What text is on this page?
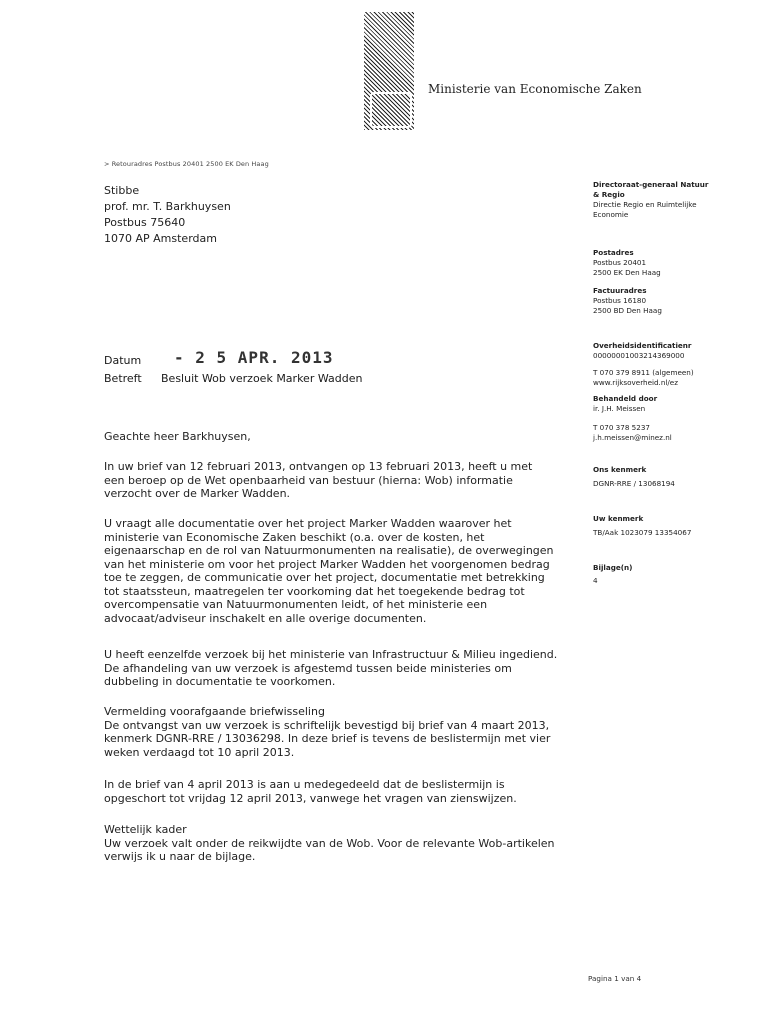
Ministerie van Economische Zaken
> Retouradres Postbus 20401 2500 EK Den Haag
Stibbe
prof. mr. T. Barkhuysen
Postbus 75640
1070 AP Amsterdam
Directoraat-generaal Natuur
& Regio
Directie Regio en Ruimtelijke
Economie
Postadres
Postbus 20401
2500 EK Den Haag
Factuuradres
Postbus 16180
2500 BD Den Haag
Overheidsidentificatienr
00000001003214369000
T 070 379 8911 (algemeen)
www.rijksoverheid.nl/ez
Behandeld door
ir. J.H. Meissen
T 070 378 5237
j.h.meissen@minez.nl
Ons kenmerk
DGNR-RRE / 13068194
Uw kenmerk
TB/Aak 1023079 13354067
Bijlage(n)
4
Datum - 2 5 APR. 2013
Betreft Besluit Wob verzoek Marker Wadden
Geachte heer Barkhuysen,
In uw brief van 12 februari 2013, ontvangen op 13 februari 2013, heeft u met
een beroep op de Wet openbaarheid van bestuur (hierna: Wob) informatie
verzocht over de Marker Wadden.
U vraagt alle documentatie over het project Marker Wadden waarover het
ministerie van Economische Zaken beschikt (o.a. over de kosten, het
eigenaarschap en de rol van Natuurmonumenten na realisatie), de overwegingen
van het ministerie om voor het project Marker Wadden het voorgenomen bedrag
toe te zeggen, de communicatie over het project, documentatie met betrekking
tot staatssteun, maatregelen ter voorkoming dat het toegekende bedrag tot
overcompensatie van Natuurmonumenten leidt, of het ministerie een
advocaat/adviseur inschakelt en alle overige documenten.
U heeft eenzelfde verzoek bij het ministerie van Infrastructuur & Milieu ingediend.
De afhandeling van uw verzoek is afgestemd tussen beide ministeries om
dubbeling in documentatie te voorkomen.
Vermelding voorafgaande briefwisseling
De ontvangst van uw verzoek is schriftelijk bevestigd bij brief van 4 maart 2013,
kenmerk DGNR-RRE / 13036298. In deze brief is tevens de beslistermijn met vier
weken verdaagd tot 10 april 2013.
In de brief van 4 april 2013 is aan u medegedeeld dat de beslistermijn is
opgeschort tot vrijdag 12 april 2013, vanwege het vragen van zienswijzen.
Wettelijk kader
Uw verzoek valt onder de reikwijdte van de Wob. Voor de relevante Wob-artikelen
verwijs ik u naar de bijlage.
Pagina 1 van 4
